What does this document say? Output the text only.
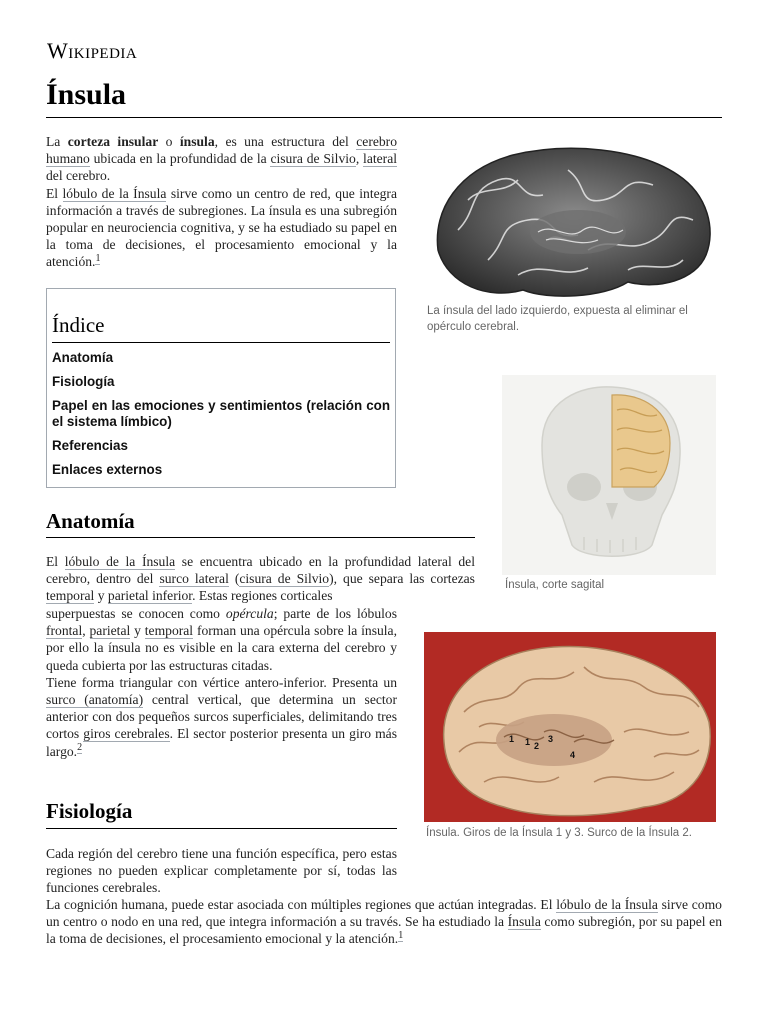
Wikipedia
Ínsula

La corteza insular o ínsula, es una estructura del cerebro humano ubicada en la profundidad de la cisura de Silvio, lateral del cerebro.

El lóbulo de la Ínsula sirve como un centro de red, que integra información a través de subregiones. La ínsula es una subregión popular en neurociencia cognitiva, y se ha estudiado su papel en la toma de decisiones, el procesamiento emocional y la atención.$^1$

La ínsula del lado izquierdo, expuesta al eliminar el opérculo cerebral.
Índice
Anatomía
Fisiología
Papel en las emociones y sentimientos (relación con el sistema límbico)
Referencias
Enlaces externos
Ínsula, corte sagital
Anatomía

El lóbulo de la Ínsula se encuentra ubicado en la profundidad lateral del cerebro, dentro del surco lateral (cisura de Silvio), que separa las cortezas temporal y parietal inferior. Estas regiones corticales

superpuestas se conocen como opércula; parte de los lóbulos frontal, parietal y temporal forman una opércula sobre la ínsula, por ello la ínsula no es visible en la cara externa del cerebro y queda cubierta por las estructuras citadas.

Tiene forma triangular con vértice antero-inferior. Presenta un surco (anatomía) central vertical, que determina un sector anterior con dos pequeños surcos superficiales, delimitando tres cortos giros cerebrales. El sector posterior presenta un giro más largo.$^2$

1 1 2
3
4
Ínsula. Giros de la Ínsula 1 y 3. Surco de la Ínsula 2.
Fisiología

Cada región del cerebro tiene una función específica, pero estas regiones no pueden explicar completamente por sí, todas las funciones cerebrales.

La cognición humana, puede estar asociada con múltiples regiones que actúan integradas. El lóbulo de la Ínsula sirve como un centro o nodo en una red, que integra información a su través. Se ha estudiado la Ínsula como subregión, por su papel en la toma de decisiones, el procesamiento emocional y la atención.$^1$
